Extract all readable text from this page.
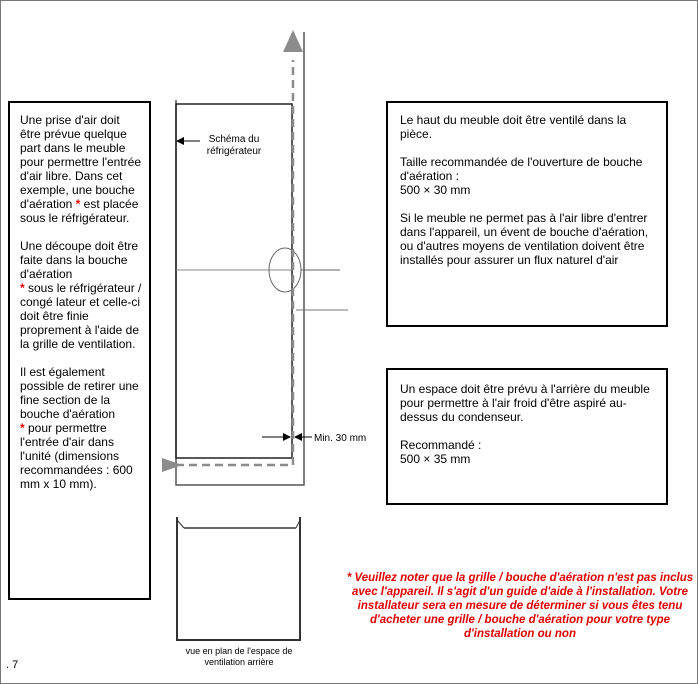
Une prise d'air doit être prévue quelque part dans le meuble pour permettre l'entrée d'air libre. Dans cet exemple, une bouche d'aération * est placée sous le réfrigérateur.

Une découpe doit être faite dans la bouche d'aération
* sous le réfrigérateur / congé lateur et celle-ci doit être finie proprement à l'aide de la grille de ventilation.

Il est également possible de retirer une fine section de la bouche d'aération
* pour permettre l'entrée d'air dans l'unité (dimensions recommandées : 600 mm x 10 mm).

Le haut du meuble doit être ventilé dans la pièce.

Taille recommandée de l'ouverture de bouche d'aération :
500 × 30 mm

Si le meuble ne permet pas à l'air libre d'entrer dans l'appareil, un évent de bouche d'aération, ou d'autres moyens de ventilation doivent être installés pour assurer un flux naturel d'air

Un espace doit être prévu à l'arrière du meuble pour permettre à l'air froid d'être aspiré au-dessus du condenseur.

Recommandé :
500 × 35 mm

Schéma du
réfrigérateur
Min. 30 mm
vue en plan de l'espace de
ventilation arrière
* Veuillez noter que la grille / bouche d'aération n'est pas inclus avec l'appareil. Il s'agit d'un guide d'aide à l'installation. Votre installateur sera en mesure de déterminer si vous êtes tenu d'acheter une grille / bouche d'aération pour votre type d'installation ou non
. 7
